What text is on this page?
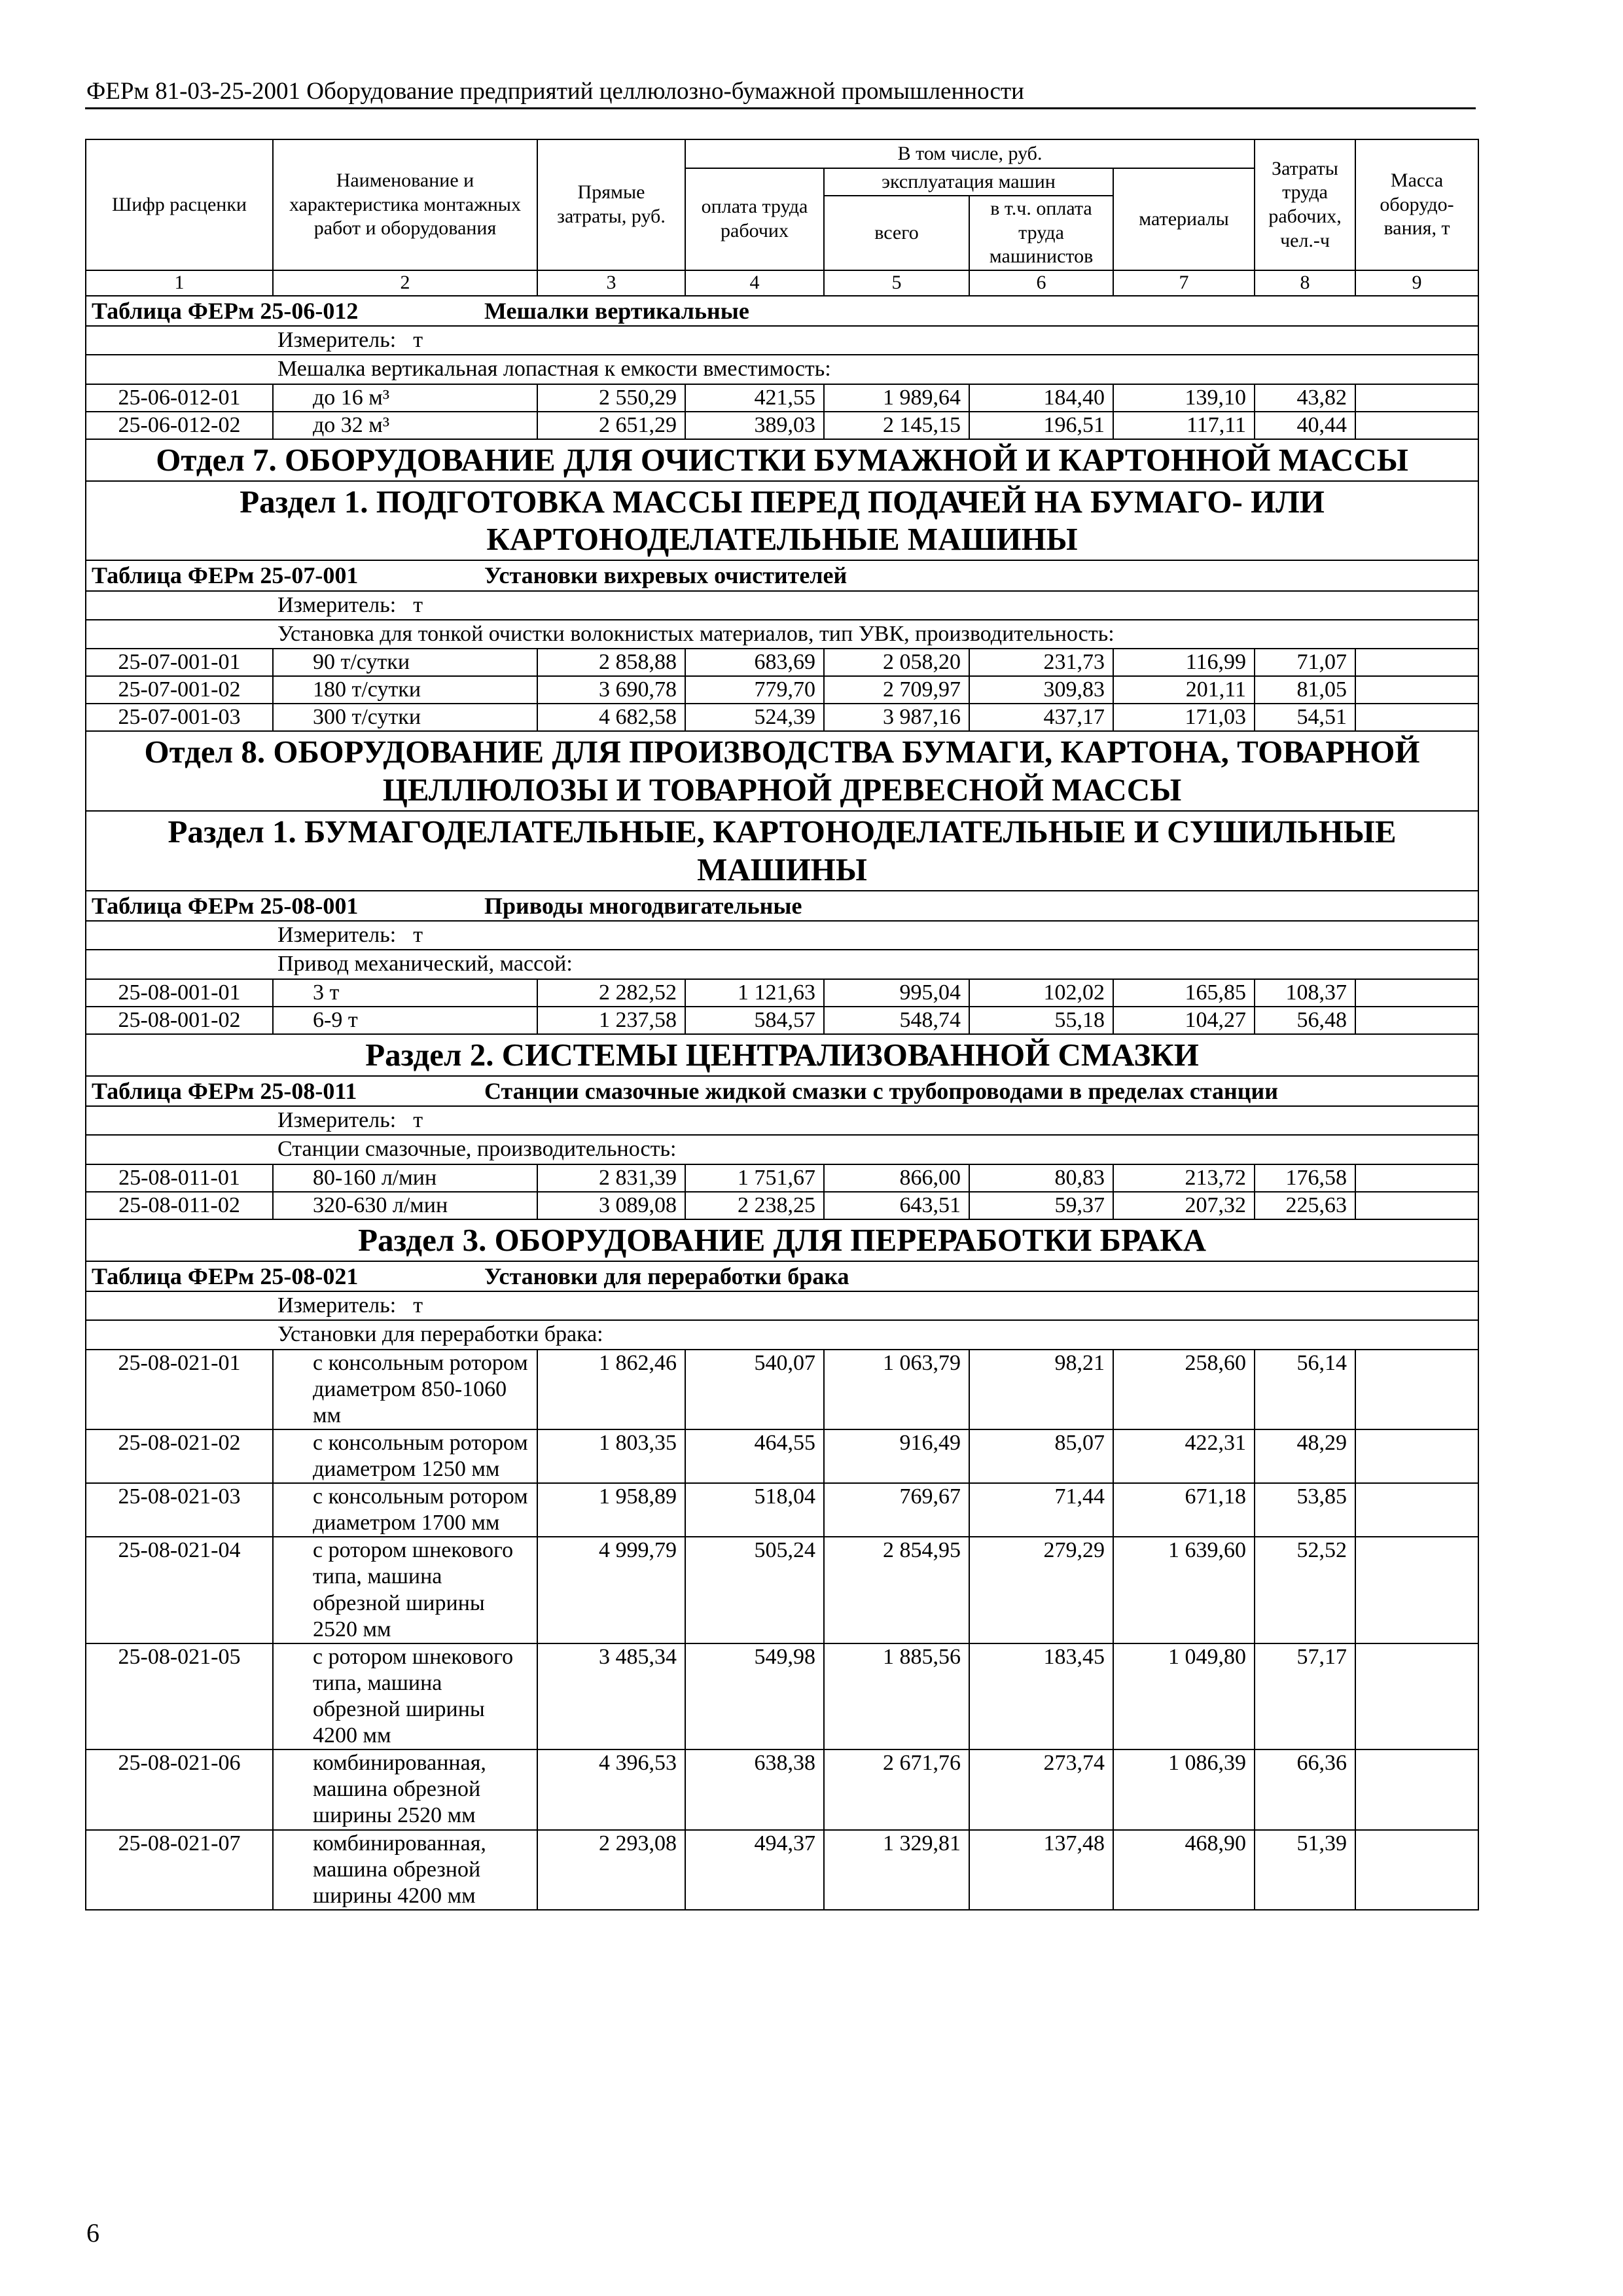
ФЕРм 81-03-25-2001 Оборудование предприятий целлюлозно-бумажной промышленности
Шифр расценки	Наименование и характеристика монтажных работ и оборудования	Прямые затраты, руб.	В том числе, руб.				Затраты труда рабочих, чел.-ч	Масса оборудо-вания, т
			оплата труда рабочих	эксплуатация машин		материалы		
				всего	в т.ч. оплата труда машинистов			
1	2	3	4	5	6	7	8	9
Таблица ФЕРм 25-06-012 Мешалки вертикальные								
Измеритель: т								
Мешалка вертикальная лопастная к емкости вместимость:								
25-06-012-01	до 16 м³	2 550,29	421,55	1 989,64	184,40	139,10	43,82	
25-06-012-02	до 32 м³	2 651,29	389,03	2 145,15	196,51	117,11	40,44	
Отдел 7. ОБОРУДОВАНИЕ ДЛЯ ОЧИСТКИ БУМАЖНОЙ И КАРТОННОЙ МАССЫ								
Раздел 1. ПОДГОТОВКА МАССЫ ПЕРЕД ПОДАЧЕЙ НА БУМАГО- ИЛИ КАРТОНОДЕЛАТЕЛЬНЫЕ МАШИНЫ								
Таблица ФЕРм 25-07-001 Установки вихревых очистителей								
Измеритель: т								
Установка для тонкой очистки волокнистых материалов, тип УВК, производительность:								
25-07-001-01	90 т/сутки	2 858,88	683,69	2 058,20	231,73	116,99	71,07	
25-07-001-02	180 т/сутки	3 690,78	779,70	2 709,97	309,83	201,11	81,05	
25-07-001-03	300 т/сутки	4 682,58	524,39	3 987,16	437,17	171,03	54,51	
Отдел 8. ОБОРУДОВАНИЕ ДЛЯ ПРОИЗВОДСТВА БУМАГИ, КАРТОНА, ТОВАРНОЙ ЦЕЛЛЮЛОЗЫ И ТОВАРНОЙ ДРЕВЕСНОЙ МАССЫ								
Раздел 1. БУМАГОДЕЛАТЕЛЬНЫЕ, КАРТОНОДЕЛАТЕЛЬНЫЕ И СУШИЛЬНЫЕ МАШИНЫ								
Таблица ФЕРм 25-08-001 Приводы многодвигательные								
Измеритель: т								
Привод механический, массой:								
25-08-001-01	3 т	2 282,52	1 121,63	995,04	102,02	165,85	108,37	
25-08-001-02	6-9 т	1 237,58	584,57	548,74	55,18	104,27	56,48	
Раздел 2. СИСТЕМЫ ЦЕНТРАЛИЗОВАННОЙ СМАЗКИ								
Таблица ФЕРм 25-08-011 Станции смазочные жидкой смазки с трубопроводами в пределах станции								
Измеритель: т								
Станции смазочные, производительность:								
25-08-011-01	80-160 л/мин	2 831,39	1 751,67	866,00	80,83	213,72	176,58	
25-08-011-02	320-630 л/мин	3 089,08	2 238,25	643,51	59,37	207,32	225,63	
Раздел 3. ОБОРУДОВАНИЕ ДЛЯ ПЕРЕРАБОТКИ БРАКА								
Таблица ФЕРм 25-08-021 Установки для переработки брака								
Измеритель: т								
Установки для переработки брака:								
25-08-021-01	с консольным ротором диаметром 850-1060 мм	1 862,46	540,07	1 063,79	98,21	258,60	56,14	
25-08-021-02	с консольным ротором диаметром 1250 мм	1 803,35	464,55	916,49	85,07	422,31	48,29	
25-08-021-03	с консольным ротором диаметром 1700 мм	1 958,89	518,04	769,67	71,44	671,18	53,85	
25-08-021-04	с ротором шнекового типа, машина обрезной ширины 2520 мм	4 999,79	505,24	2 854,95	279,29	1 639,60	52,52	
25-08-021-05	с ротором шнекового типа, машина обрезной ширины 4200 мм	3 485,34	549,98	1 885,56	183,45	1 049,80	57,17	
25-08-021-06	комбинированная, машина обрезной ширины 2520 мм	4 396,53	638,38	2 671,76	273,74	1 086,39	66,36	
25-08-021-07	комбинированная, машина обрезной ширины 4200 мм	2 293,08	494,37	1 329,81	137,48	468,90	51,39	
6
